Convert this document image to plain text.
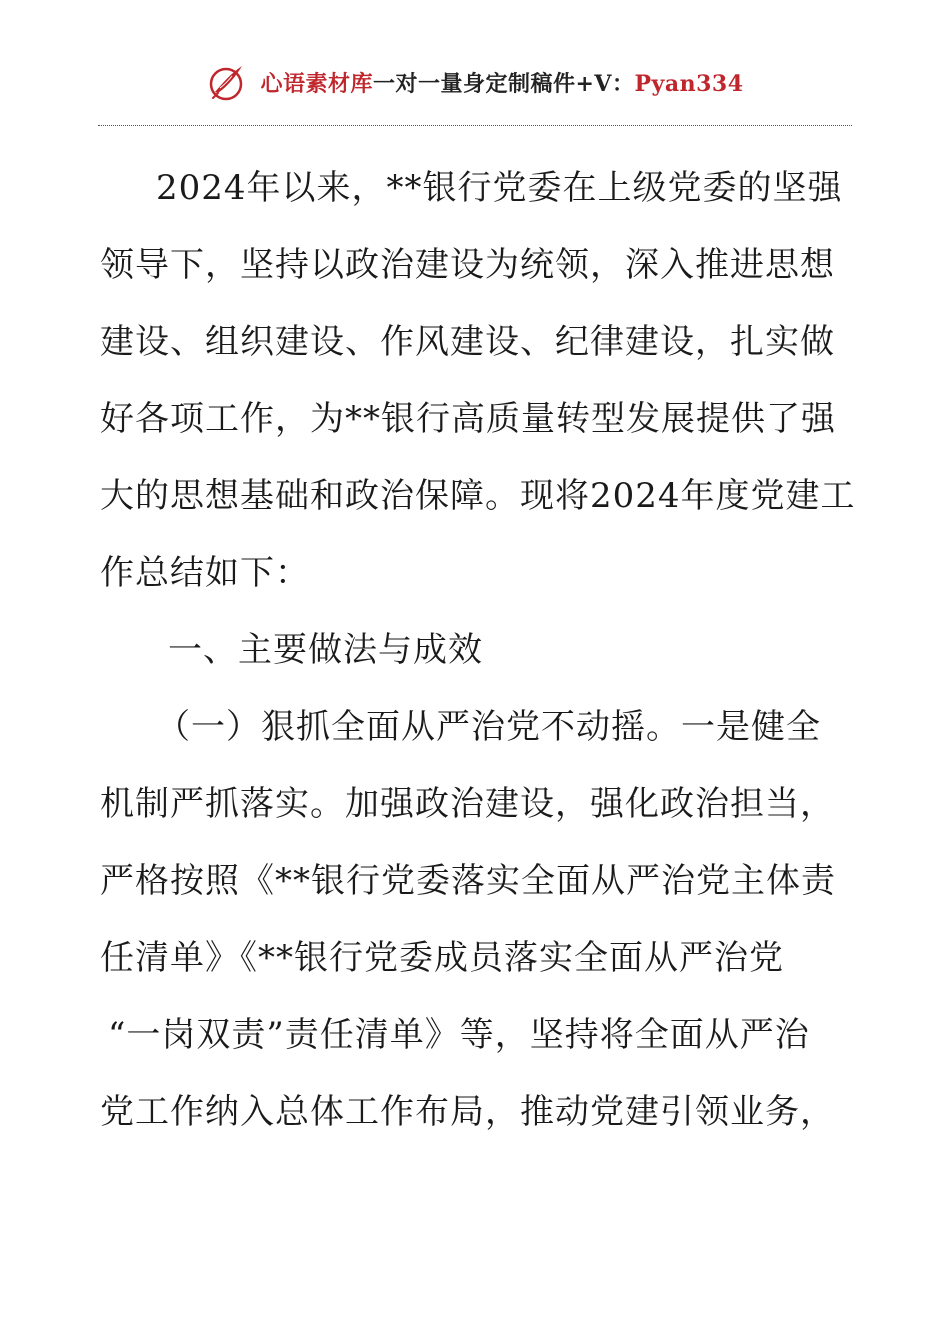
心语素材库一对一量身定制稿件+V：Pyan334
2024年以来，**银行党委在上级党委的坚强
领导下，坚持以政治建设为统领，深入推进思想
建设、组织建设、作风建设、纪律建设，扎实做
好各项工作，为**银行高质量转型发展提供了强
大的思想基础和政治保障。现将2024年度党建工
作总结如下：
一、主要做法与成效
（一）狠抓全面从严治党不动摇。一是健全
机制严抓落实。加强政治建设，强化政治担当，
严格按照《**银行党委落实全面从严治党主体责
任清单》《**银行党委成员落实全面从严治党
“一岗双责”责任清单》等，坚持将全面从严治
党工作纳入总体工作布局，推动党建引领业务，
